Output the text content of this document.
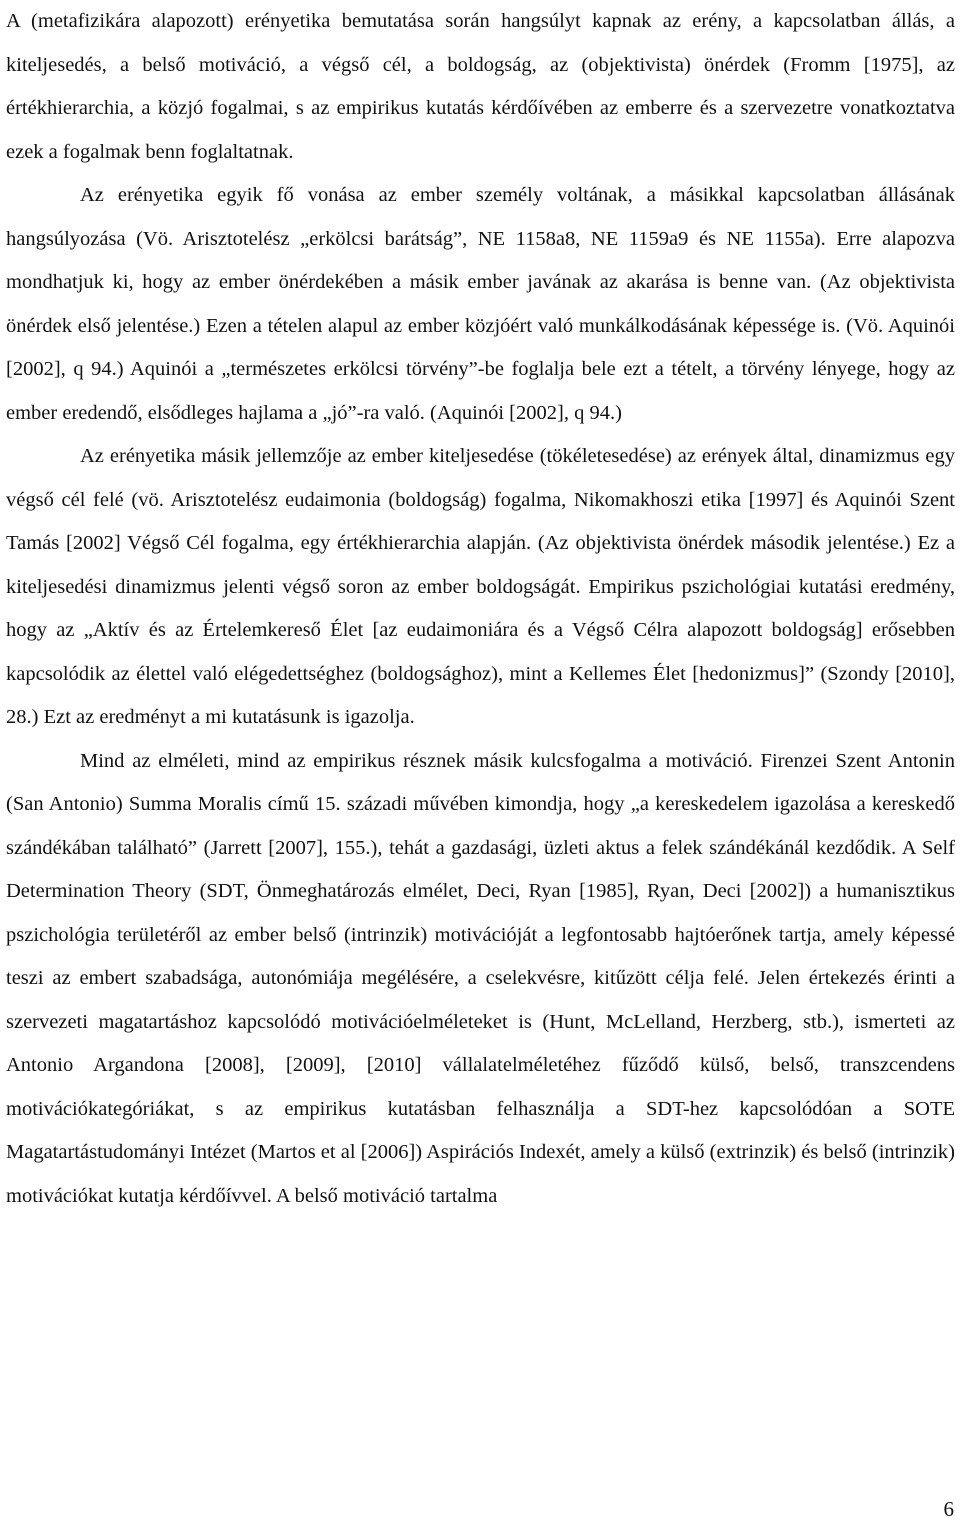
A (metafizikára alapozott) erényetika bemutatása során hangsúlyt kapnak az erény, a kapcsolatban állás, a kiteljesedés, a belső motiváció, a végső cél, a boldogság, az (objektivista) önérdek (Fromm [1975], az értékhierarchia, a közjó fogalmai, s az empirikus kutatás kérdőívében az emberre és a szervezetre vonatkoztatva ezek a fogalmak benn foglaltatnak.

Az erényetika egyik fő vonása az ember személy voltának, a másikkal kapcsolatban állásának hangsúlyozása (Vö. Arisztotelész „erkölcsi barátság”, NE 1158a8, NE 1159a9 és NE 1155a). Erre alapozva mondhatjuk ki, hogy az ember önérdekében a másik ember javának az akarása is benne van. (Az objektivista önérdek első jelentése.) Ezen a tételen alapul az ember közjóért való munkálkodásának képessége is. (Vö. Aquinói [2002], q 94.) Aquinói a „természetes erkölcsi törvény”-be foglalja bele ezt a tételt, a törvény lényege, hogy az ember eredendő, elsődleges hajlama a „jó”-ra való. (Aquinói [2002], q 94.)

Az erényetika másik jellemzője az ember kiteljesedése (tökéletesedése) az erények által, dinamizmus egy végső cél felé (vö. Arisztotelész eudaimonia (boldogság) fogalma, Nikomakhoszi etika [1997] és Aquinói Szent Tamás [2002] Végső Cél fogalma, egy értékhierarchia alapján. (Az objektivista önérdek második jelentése.) Ez a kiteljesedési dinamizmus jelenti végső soron az ember boldogságát. Empirikus pszichológiai kutatási eredmény, hogy az „Aktív és az Értelemkereső Élet [az eudaimoniára és a Végső Célra alapozott boldogság] erősebben kapcsolódik az élettel való elégedettséghez (boldogsághoz), mint a Kellemes Élet [hedonizmus]” (Szondy [2010], 28.) Ezt az eredményt a mi kutatásunk is igazolja.

Mind az elméleti, mind az empirikus résznek másik kulcsfogalma a motiváció. Firenzei Szent Antonin (San Antonio) Summa Moralis című 15. századi művében kimondja, hogy „a kereskedelem igazolása a kereskedő szándékában található” (Jarrett [2007], 155.), tehát a gazdasági, üzleti aktus a felek szándékánál kezdődik. A Self Determination Theory (SDT, Önmeghatározás elmélet, Deci, Ryan [1985], Ryan, Deci [2002]) a humanisztikus pszichológia területéről az ember belső (intrinzik) motivációját a legfontosabb hajtóerőnek tartja, amely képessé teszi az embert szabadsága, autonómiája megélésére, a cselekvésre, kitűzött célja felé. Jelen értekezés érinti a szervezeti magatartáshoz kapcsolódó motivációelméleteket is (Hunt, McLelland, Herzberg, stb.), ismerteti az Antonio Argandona [2008], [2009], [2010] vállalatelméletéhez fűződő külső, belső, transzcendens motivációkategóriákat, s az empirikus kutatásban felhasználja a SDT-hez kapcsolódóan a SOTE Magatartástudományi Intézet (Martos et al [2006]) Aspirációs Indexét, amely a külső (extrinzik) és belső (intrinzik) motivációkat kutatja kérdőívvel. A belső motiváció tartalma

6
